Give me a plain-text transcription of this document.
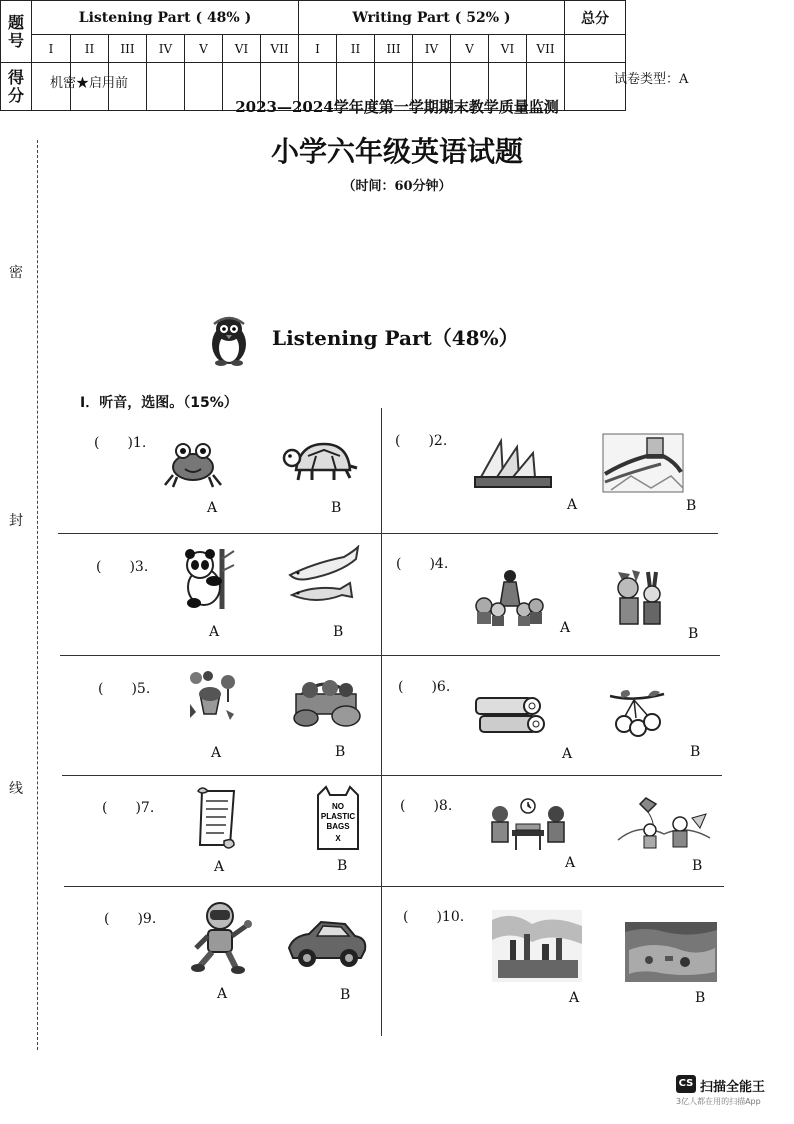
机密★启用前	试卷类型：A
密
封
线
2023—2024学年度第一学期期末教学质量监测
小学六年级英语试题
（时间：60分钟）
题
号	Listening Part ( 48% )							Writing Part ( 52% )							总分
	I	II	III	IV	V	VI	VII	I	II	III	IV	V	VI	VII	

得
分															

Listening Part（48%）
I．听音，选图。（15%）
(　　)1.
A	B
(　　)2.
A	B
(　　)3.
A	B
(　　)4.
A	B
(　　)5.
A	B
(　　)6.
A	B
(　　)7.	NO
PLASTIC
BAGS
X
A	B
(　　)8.
A	B
(　　)9.
A	B
(　　)10.
A	B
CS 扫描全能王
3亿人都在用的扫描App
